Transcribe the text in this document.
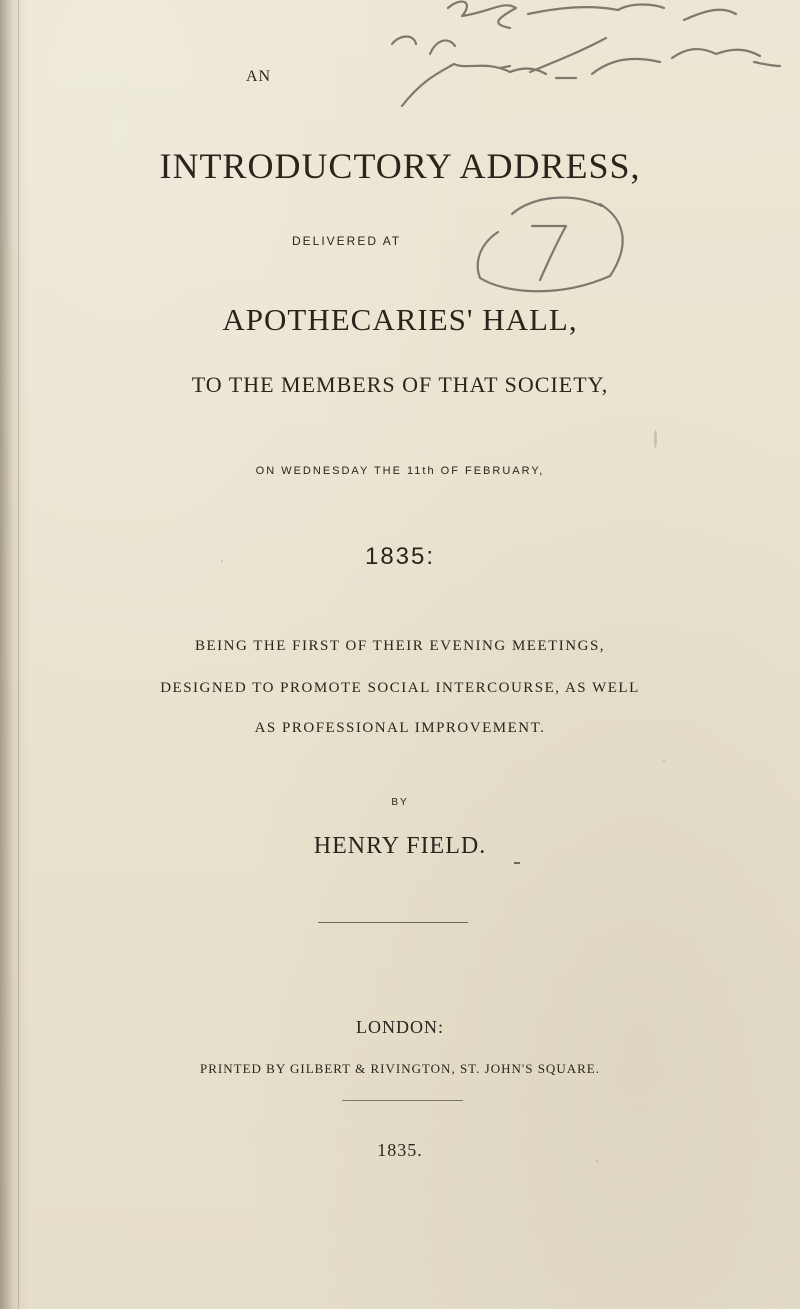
AN
INTRODUCTORY ADDRESS,
DELIVERED AT
APOTHECARIES' HALL,
TO THE MEMBERS OF THAT SOCIETY,
ON WEDNESDAY THE 11th OF FEBRUARY,
1835:
BEING THE FIRST OF THEIR EVENING MEETINGS,
DESIGNED TO PROMOTE SOCIAL INTERCOURSE, AS WELL
AS PROFESSIONAL IMPROVEMENT.
BY
HENRY FIELD.
LONDON:
PRINTED BY GILBERT & RIVINGTON, ST. JOHN'S SQUARE.
1835.
